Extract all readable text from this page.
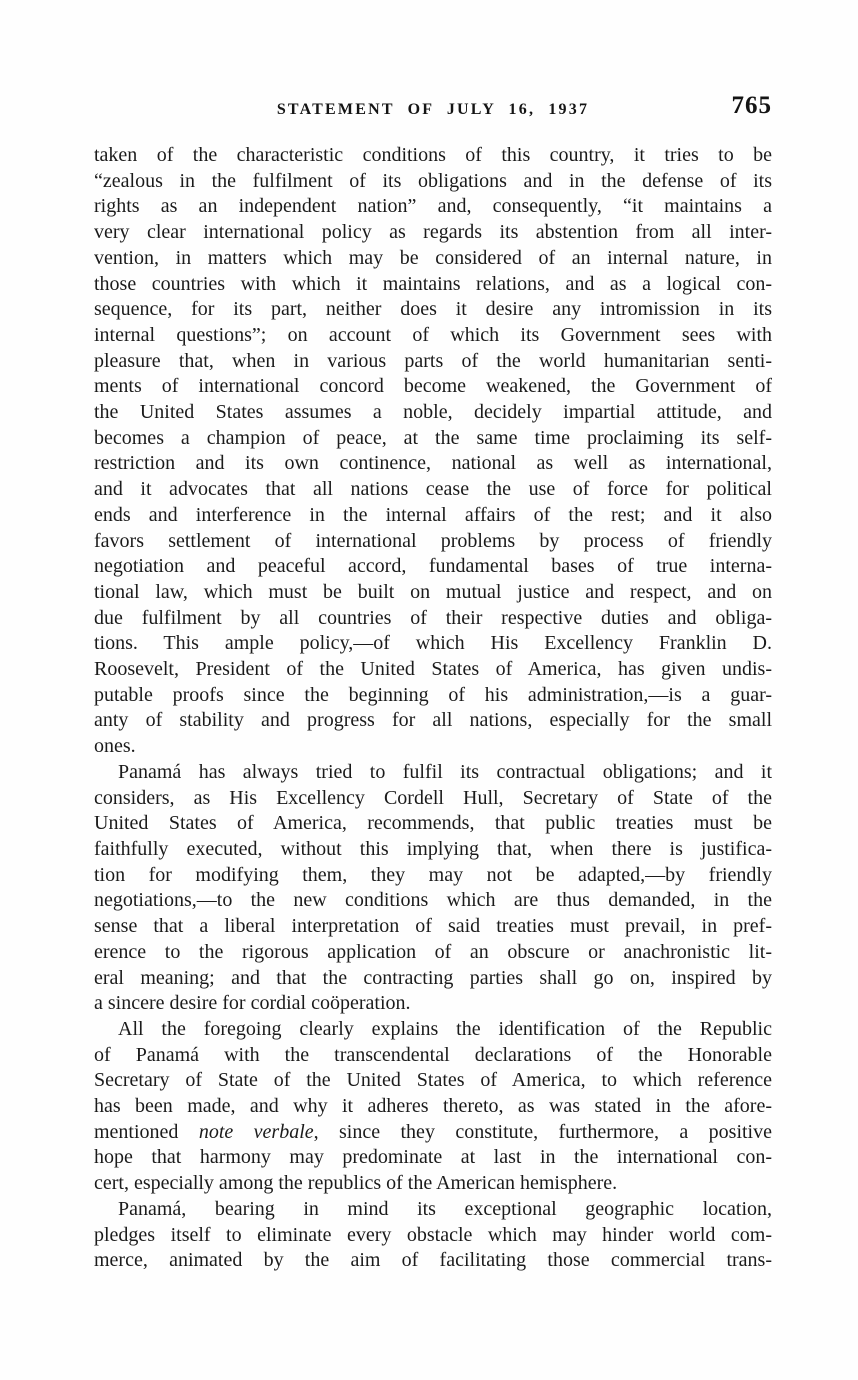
STATEMENT OF JULY 16, 1937	765
taken of the characteristic conditions of this country, it tries to be
“zealous in the fulfilment of its obligations and in the defense of its
rights as an independent nation” and, consequently, “it maintains a
very clear international policy as regards its abstention from all inter-
vention, in matters which may be considered of an internal nature, in
those countries with which it maintains relations, and as a logical con-
sequence, for its part, neither does it desire any intromission in its
internal questions”; on account of which its Government sees with
pleasure that, when in various parts of the world humanitarian senti-
ments of international concord become weakened, the Government of
the United States assumes a noble, decidely impartial attitude, and
becomes a champion of peace, at the same time proclaiming its self-
restriction and its own continence, national as well as international,
and it advocates that all nations cease the use of force for political
ends and interference in the internal affairs of the rest; and it also
favors settlement of international problems by process of friendly
negotiation and peaceful accord, fundamental bases of true interna-
tional law, which must be built on mutual justice and respect, and on
due fulfilment by all countries of their respective duties and obliga-
tions. This ample policy,—of which His Excellency Franklin D.
Roosevelt, President of the United States of America, has given undis-
putable proofs since the beginning of his administration,—is a guar-
anty of stability and progress for all nations, especially for the small
ones.
Panamá has always tried to fulfil its contractual obligations; and it
considers, as His Excellency Cordell Hull, Secretary of State of the
United States of America, recommends, that public treaties must be
faithfully executed, without this implying that, when there is justifica-
tion for modifying them, they may not be adapted,—by friendly
negotiations,—to the new conditions which are thus demanded, in the
sense that a liberal interpretation of said treaties must prevail, in pref-
erence to the rigorous application of an obscure or anachronistic lit-
eral meaning; and that the contracting parties shall go on, inspired by
a sincere desire for cordial coöperation.
All the foregoing clearly explains the identification of the Republic
of Panamá with the transcendental declarations of the Honorable
Secretary of State of the United States of America, to which reference
has been made, and why it adheres thereto, as was stated in the afore-
mentioned note verbale, since they constitute, furthermore, a positive
hope that harmony may predominate at last in the international con-
cert, especially among the republics of the American hemisphere.
Panamá, bearing in mind its exceptional geographic location,
pledges itself to eliminate every obstacle which may hinder world com-
merce, animated by the aim of facilitating those commercial trans-
